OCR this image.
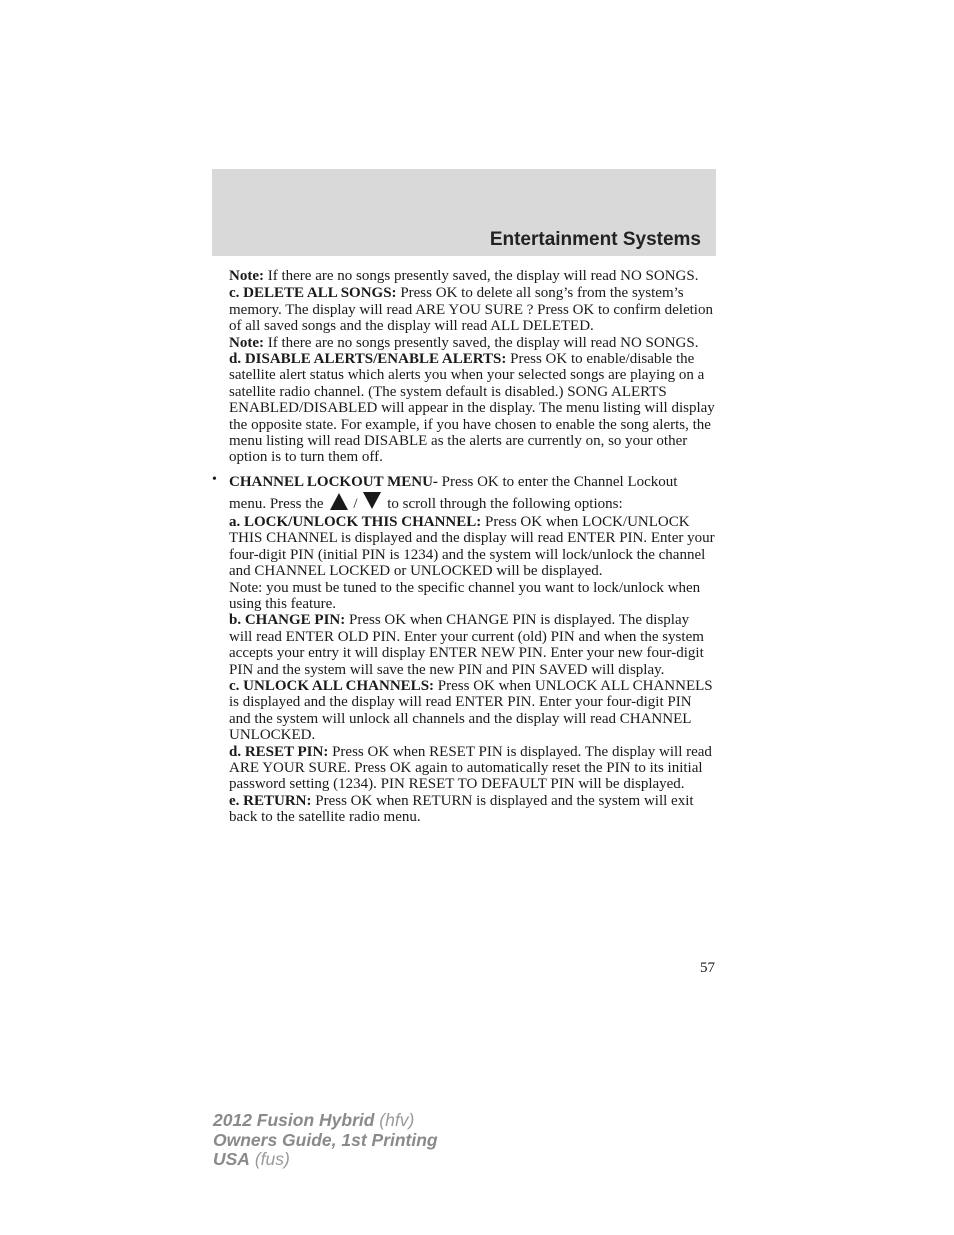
Entertainment Systems

Note: If there are no songs presently saved, the display will read NO SONGS.

c. DELETE ALL SONGS: Press OK to delete all song’s from the system’s memory. The display will read ARE YOU SURE ? Press OK to confirm deletion of all saved songs and the display will read ALL DELETED.

Note: If there are no songs presently saved, the display will read NO SONGS.

d. DISABLE ALERTS/ENABLE ALERTS: Press OK to enable/disable the satellite alert status which alerts you when your selected songs are playing on a satellite radio channel. (The system default is disabled.) SONG ALERTS ENABLED/DISABLED will appear in the display. The menu listing will display the opposite state. For example, if you have chosen to enable the song alerts, the menu listing will read DISABLE as the alerts are currently on, so your other option is to turn them off.

• CHANNEL LOCKOUT MENU- Press OK to enter the Channel Lockout menu. Press the / to scroll through the following options:

a. LOCK/UNLOCK THIS CHANNEL: Press OK when LOCK/UNLOCK THIS CHANNEL is displayed and the display will read ENTER PIN. Enter your four-digit PIN (initial PIN is 1234) and the system will lock/unlock the channel and CHANNEL LOCKED or UNLOCKED will be displayed.

Note: you must be tuned to the specific channel you want to lock/unlock when using this feature.

b. CHANGE PIN: Press OK when CHANGE PIN is displayed. The display will read ENTER OLD PIN. Enter your current (old) PIN and when the system accepts your entry it will display ENTER NEW PIN. Enter your new four-digit PIN and the system will save the new PIN and PIN SAVED will display.

c. UNLOCK ALL CHANNELS: Press OK when UNLOCK ALL CHANNELS is displayed and the display will read ENTER PIN. Enter your four-digit PIN and the system will unlock all channels and the display will read CHANNEL UNLOCKED.

d. RESET PIN: Press OK when RESET PIN is displayed. The display will read ARE YOUR SURE. Press OK again to automatically reset the PIN to its initial password setting (1234). PIN RESET TO DEFAULT PIN will be displayed.

e. RETURN: Press OK when RETURN is displayed and the system will exit back to the satellite radio menu.

57
2012 Fusion Hybrid (hfv)
Owners Guide, 1st Printing
USA (fus)
